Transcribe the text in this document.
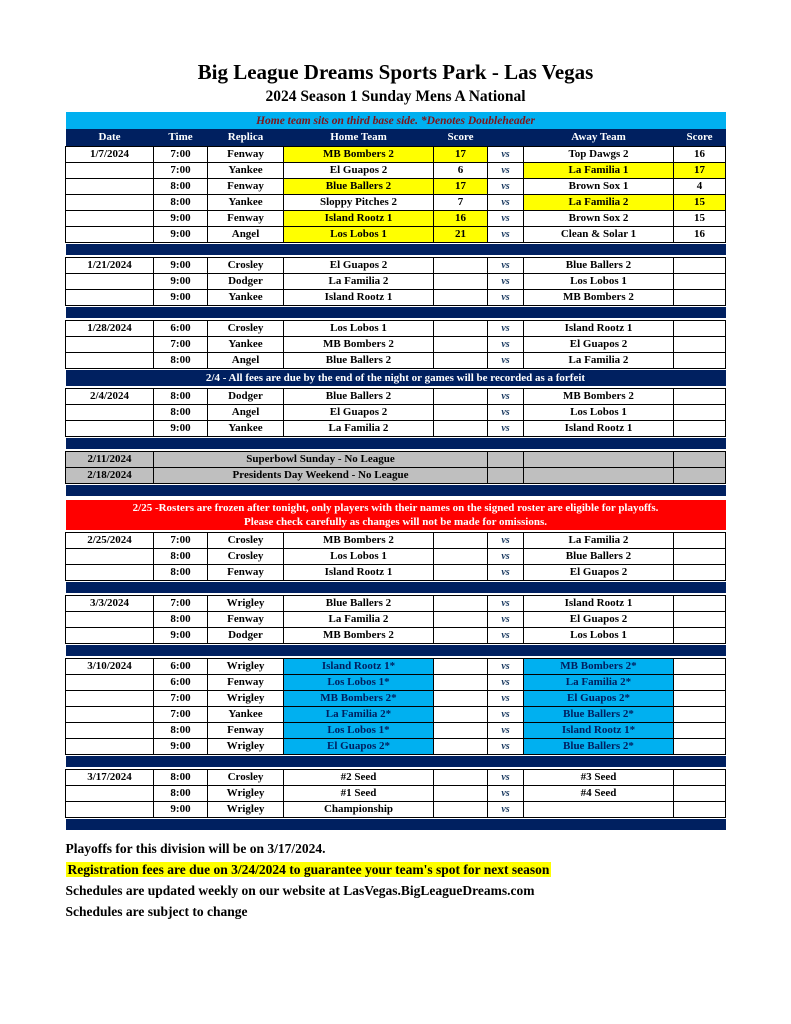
Big League Dreams Sports Park - Las Vegas
2024 Season 1 Sunday Mens A National
Home team sits on third base side. *Denotes Doubleheader							
Date	Time	Replica	Home Team	Score		Away Team	Score
1/7/2024	7:00	Fenway	MB Bombers 2	17	vs	Top Dawgs 2	16
	7:00	Yankee	El Guapos 2	6	vs	La Familia 1	17
	8:00	Fenway	Blue Ballers 2	17	vs	Brown Sox 1	4
	8:00	Yankee	Sloppy Pitches 2	7	vs	La Familia 2	15
	9:00	Fenway	Island Rootz 1	16	vs	Brown Sox 2	15
	9:00	Angel	Los Lobos 1	21	vs	Clean & Solar 1	16

1/21/2024	9:00	Crosley	El Guapos 2		vs	Blue Ballers 2	
	9:00	Dodger	La Familia 2		vs	Los Lobos 1	
	9:00	Yankee	Island Rootz 1		vs	MB Bombers 2	

1/28/2024	6:00	Crosley	Los Lobos 1		vs	Island Rootz 1	
	7:00	Yankee	MB Bombers 2		vs	El Guapos 2	
	8:00	Angel	Blue Ballers 2		vs	La Familia 2	

2/4 - All fees are due by the end of the night or games will be recorded as a forfeit							

2/4/2024	8:00	Dodger	Blue Ballers 2		vs	MB Bombers 2	
	8:00	Angel	El Guapos 2		vs	Los Lobos 1	
	9:00	Yankee	La Familia 2		vs	Island Rootz 1	

2/11/2024	Superbowl Sunday - No League						
2/18/2024	Presidents Day Weekend - No League						

2/25 -Rosters are frozen after tonight, only players with their names on the signed roster are eligible for playoffs.
Please check carefully as changes will not be made for omissions.							

2/25/2024	7:00	Crosley	MB Bombers 2		vs	La Familia 2	
	8:00	Crosley	Los Lobos 1		vs	Blue Ballers 2	
	8:00	Fenway	Island Rootz 1		vs	El Guapos 2	

3/3/2024	7:00	Wrigley	Blue Ballers 2		vs	Island Rootz 1	
	8:00	Fenway	La Familia 2		vs	El Guapos 2	
	9:00	Dodger	MB Bombers 2		vs	Los Lobos 1	

3/10/2024	6:00	Wrigley	Island Rootz 1*		vs	MB Bombers 2*	
	6:00	Fenway	Los Lobos 1*		vs	La Familia 2*	
	7:00	Wrigley	MB Bombers 2*		vs	El Guapos 2*	
	7:00	Yankee	La Familia 2*		vs	Blue Ballers 2*	
	8:00	Fenway	Los Lobos 1*		vs	Island Rootz 1*	
	9:00	Wrigley	El Guapos 2*		vs	Blue Ballers 2*	

3/17/2024	8:00	Crosley	#2 Seed		vs	#3 Seed	
	8:00	Wrigley	#1 Seed		vs	#4 Seed	
	9:00	Wrigley	Championship		vs		

Playoffs for this division will be on 3/17/2024.
Registration fees are due on 3/24/2024 to guarantee your team's spot for next season
Schedules are updated weekly on our website at LasVegas.BigLeagueDreams.com
Schedules are subject to change
